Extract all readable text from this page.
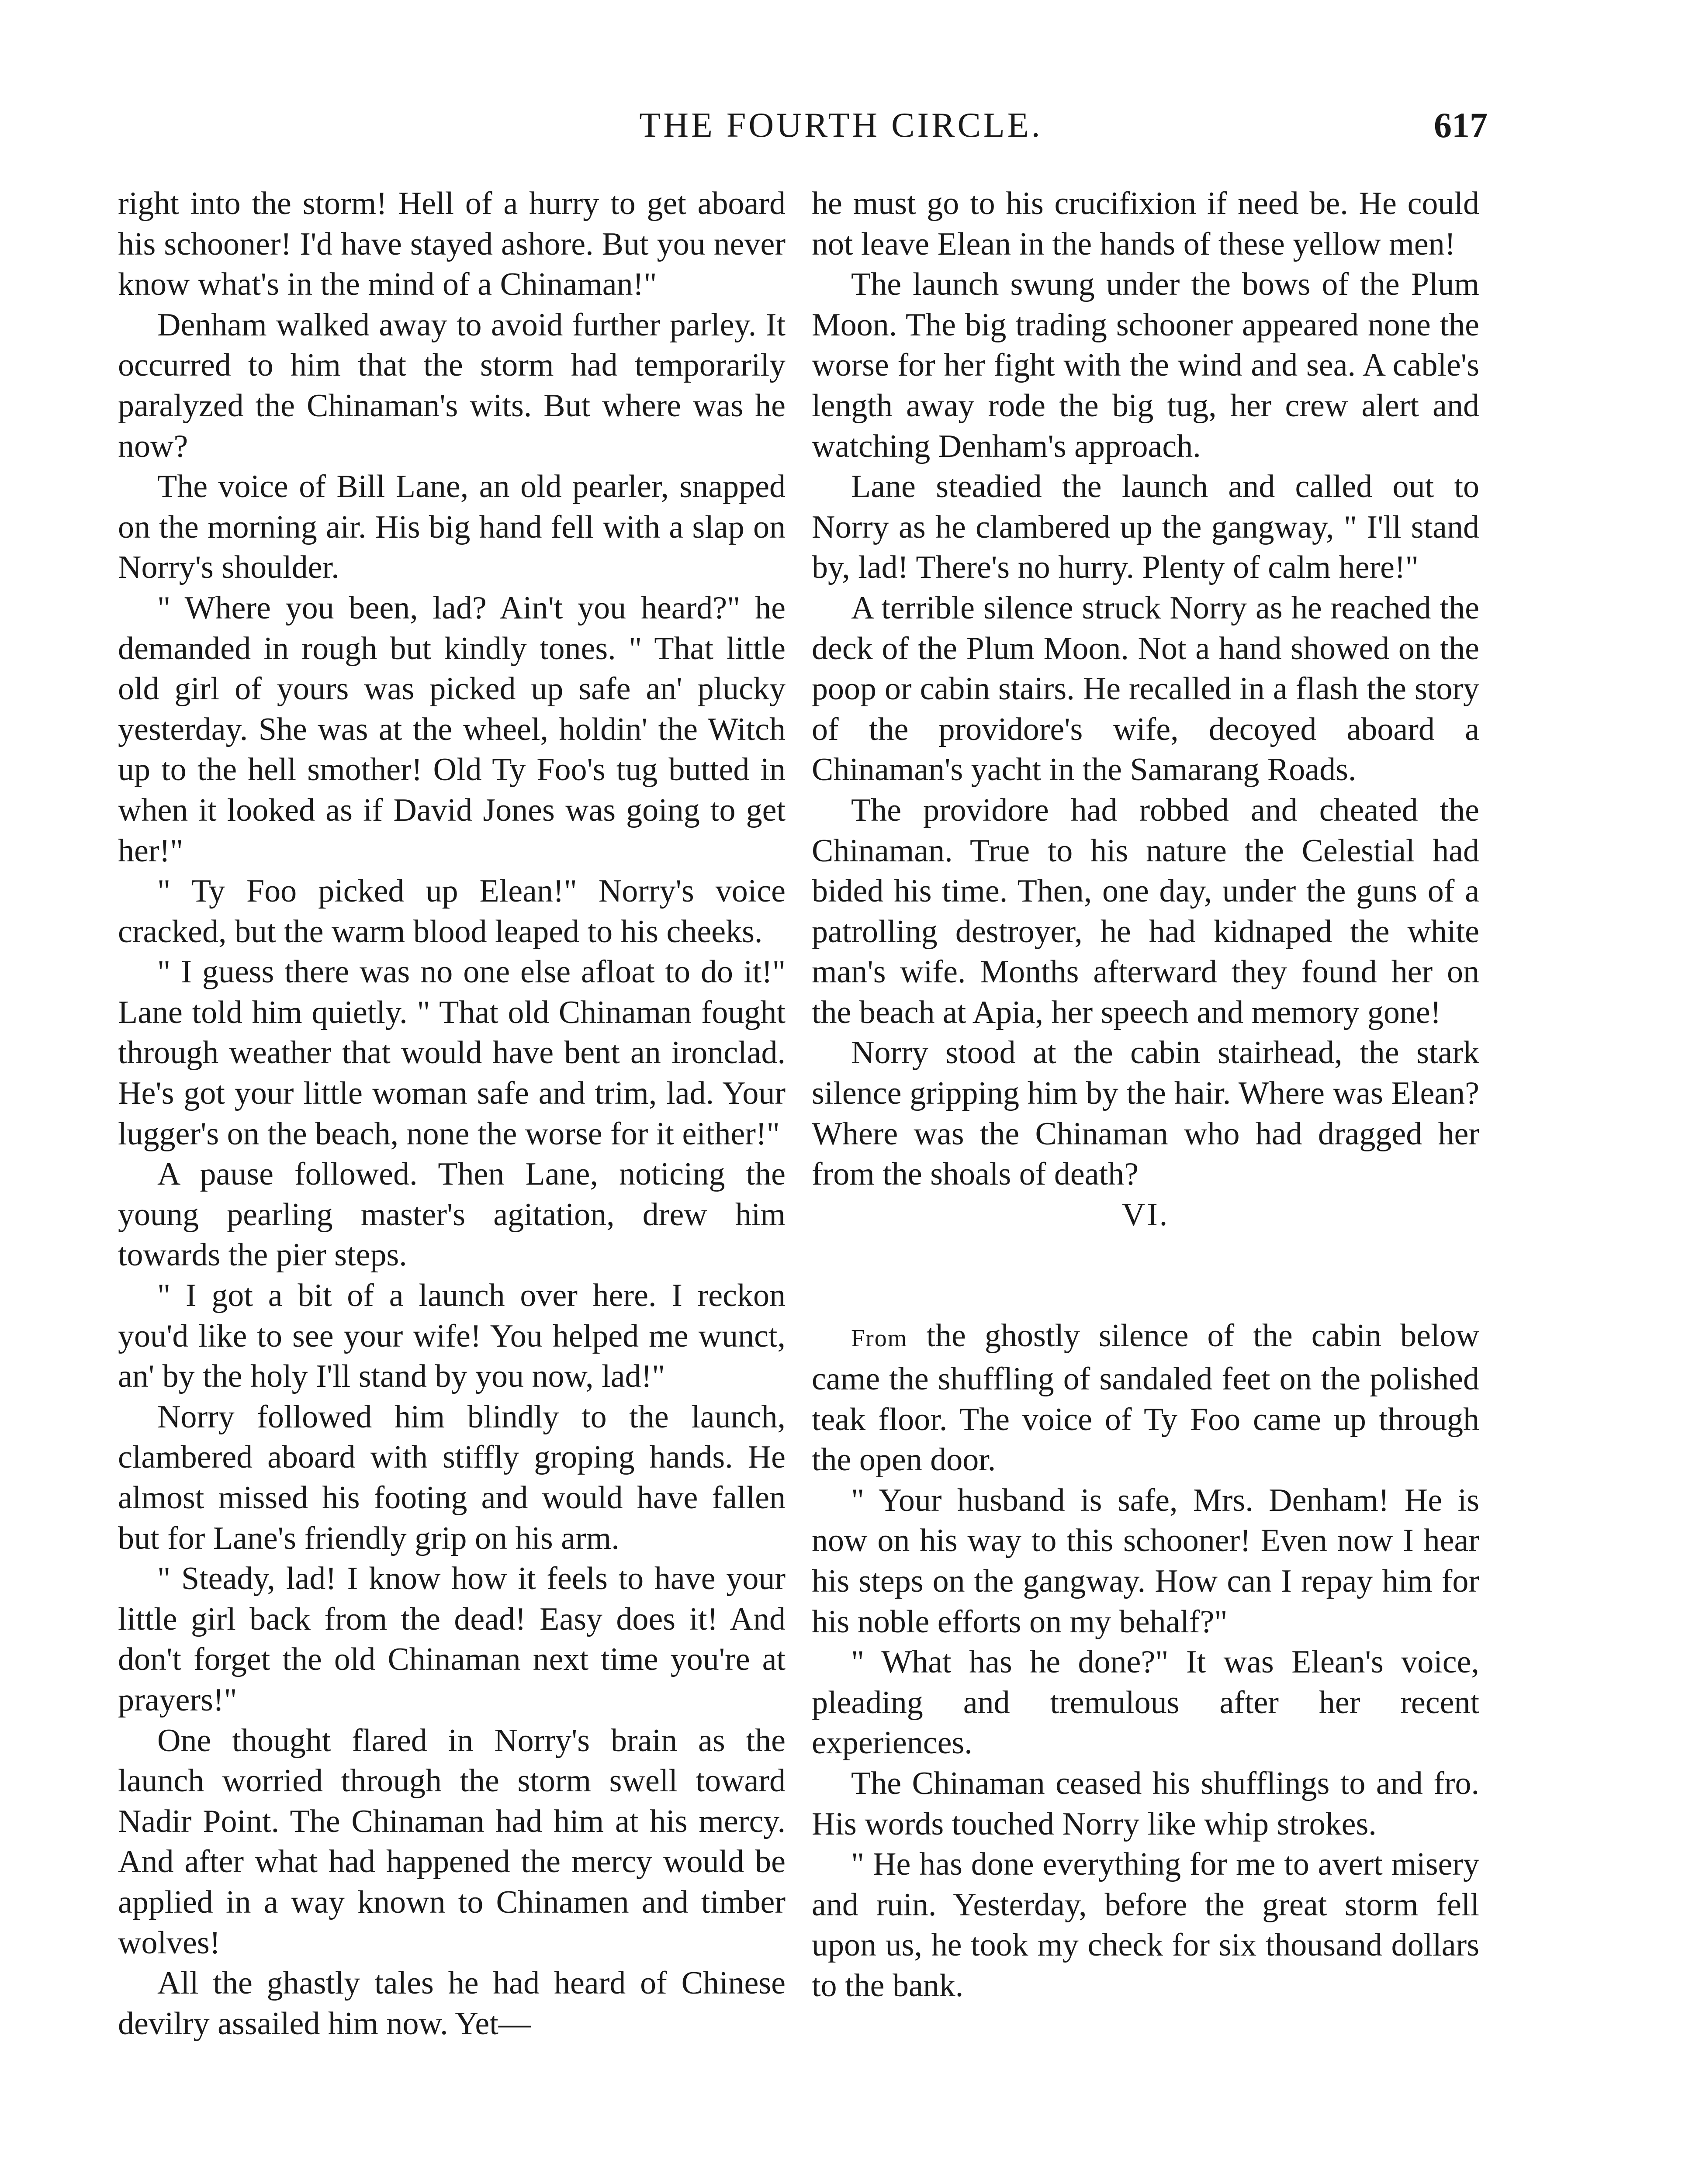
THE FOURTH CIRCLE.	617

right into the storm! Hell of a hurry to get aboard his schooner! I'd have stayed ashore. But you never know what's in the mind of a Chinaman!"

Denham walked away to avoid further parley. It occurred to him that the storm had temporarily paralyzed the Chinaman's wits. But where was he now?

The voice of Bill Lane, an old pearler, snapped on the morning air. His big hand fell with a slap on Norry's shoulder.

" Where you been, lad? Ain't you heard?" he demanded in rough but kindly tones. " That little old girl of yours was picked up safe an' plucky yesterday. She was at the wheel, holdin' the Witch up to the hell smother! Old Ty Foo's tug butted in when it looked as if David Jones was going to get her!"

" Ty Foo picked up Elean!" Norry's voice cracked, but the warm blood leaped to his cheeks.

" I guess there was no one else afloat to do it!" Lane told him quietly. " That old Chinaman fought through weather that would have bent an ironclad. He's got your little woman safe and trim, lad. Your lugger's on the beach, none the worse for it either!"

A pause followed. Then Lane, noticing the young pearling master's agitation, drew him towards the pier steps.

" I got a bit of a launch over here. I reckon you'd like to see your wife! You helped me wunct, an' by the holy I'll stand by you now, lad!"

Norry followed him blindly to the launch, clambered aboard with stiffly groping hands. He almost missed his footing and would have fallen but for Lane's friendly grip on his arm.

" Steady, lad! I know how it feels to have your little girl back from the dead! Easy does it! And don't forget the old Chinaman next time you're at prayers!"

One thought flared in Norry's brain as the launch worried through the storm swell toward Nadir Point. The Chinaman had him at his mercy. And after what had happened the mercy would be applied in a way known to Chinamen and timber wolves!

All the ghastly tales he had heard of Chinese devilry assailed him now. Yet—

he must go to his crucifixion if need be. He could not leave Elean in the hands of these yellow men!

The launch swung under the bows of the Plum Moon. The big trading schooner appeared none the worse for her fight with the wind and sea. A cable's length away rode the big tug, her crew alert and watching Denham's approach.

Lane steadied the launch and called out to Norry as he clambered up the gangway, " I'll stand by, lad! There's no hurry. Plenty of calm here!"

A terrible silence struck Norry as he reached the deck of the Plum Moon. Not a hand showed on the poop or cabin stairs. He recalled in a flash the story of the providore's wife, decoyed aboard a Chinaman's yacht in the Samarang Roads.

The providore had robbed and cheated the Chinaman. True to his nature the Celestial had bided his time. Then, one day, under the guns of a patrolling destroyer, he had kidnaped the white man's wife. Months afterward they found her on the beach at Apia, her speech and memory gone!

Norry stood at the cabin stairhead, the stark silence gripping him by the hair. Where was Elean? Where was the Chinaman who had dragged her from the shoals of death?

VI.

From the ghostly silence of the cabin below came the shuffling of sandaled feet on the polished teak floor. The voice of Ty Foo came up through the open door.

" Your husband is safe, Mrs. Denham! He is now on his way to this schooner! Even now I hear his steps on the gangway. How can I repay him for his noble efforts on my behalf?"

" What has he done?" It was Elean's voice, pleading and tremulous after her recent experiences.

The Chinaman ceased his shufflings to and fro. His words touched Norry like whip strokes.

" He has done everything for me to avert misery and ruin. Yesterday, before the great storm fell upon us, he took my check for six thousand dollars to the bank.
